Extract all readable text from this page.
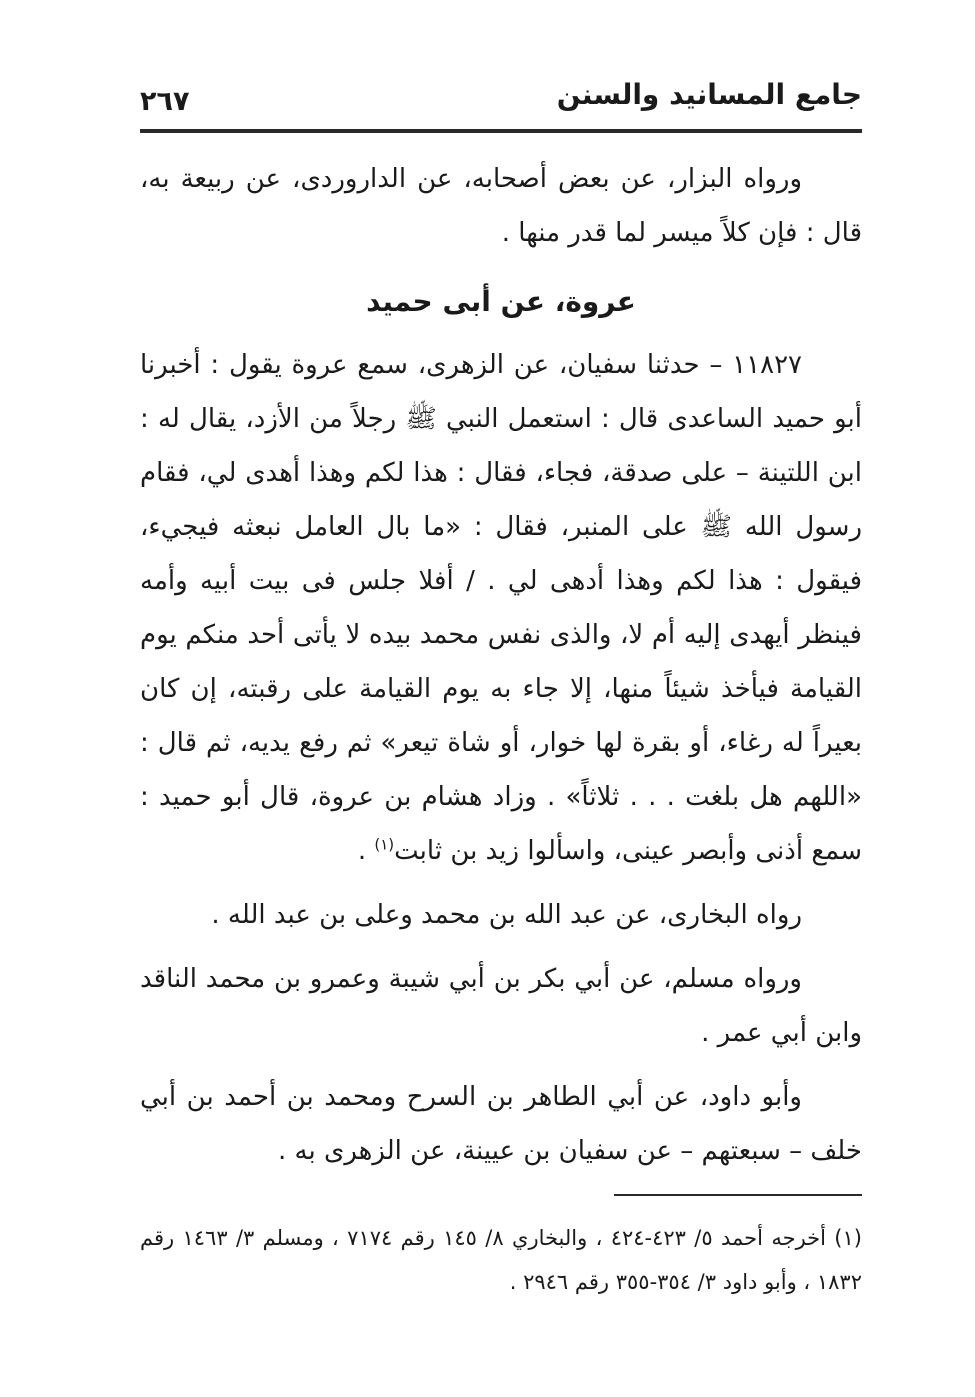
جامع المسانيد والسنن
٢٦٧

ورواه البزار، عن بعض أصحابه، عن الداروردى، عن ربيعة به، قال : فإن كلاً ميسر لما قدر منها .

عروة، عن أبى حميد

١١٨٢٧ – حدثنا سفيان، عن الزهرى، سمع عروة يقول : أخبرنا أبو حميد الساعدى قال : استعمل النبي ﷺ رجلاً من الأزد، يقال له : ابن اللتينة – على صدقة، فجاء، فقال : هذا لكم وهذا أهدى لي، فقام رسول الله ﷺ على المنبر، فقال : «ما بال العامل نبعثه فيجيء، فيقول : هذا لكم وهذا أدهى لي . / أفلا جلس فى بيت أبيه وأمه فينظر أيهدى إليه أم لا، والذى نفس محمد بيده لا يأتى أحد منكم يوم القيامة فيأخذ شيئاً منها، إلا جاء به يوم القيامة على رقبته، إن كان بعيراً له رغاء، أو بقرة لها خوار، أو شاة تيعر» ثم رفع يديه، ثم قال : «اللهم هل بلغت . . . ثلاثاً» . وزاد هشام بن عروة، قال أبو حميد : سمع أذنى وأبصر عينى، واسألوا زيد بن ثابت$^{(١)}$ .

رواه البخارى، عن عبد الله بن محمد وعلى بن عبد الله .

ورواه مسلم، عن أبي بكر بن أبي شيبة وعمرو بن محمد الناقد وابن أبي عمر .

وأبو داود، عن أبي الطاهر بن السرح ومحمد بن أحمد بن أبي خلف – سبعتهم – عن سفيان بن عيينة، عن الزهرى به .

(١) أخرجه أحمد ٥/ ٤٢٣-٤٢٤ ، والبخاري ٨/ ١٤٥ رقم ٧١٧٤ ، ومسلم ٣/ ١٤٦٣ رقم ١٨٣٢ ، وأبو داود ٣/ ٣٥٤-٣٥٥ رقم ٢٩٤٦ .
